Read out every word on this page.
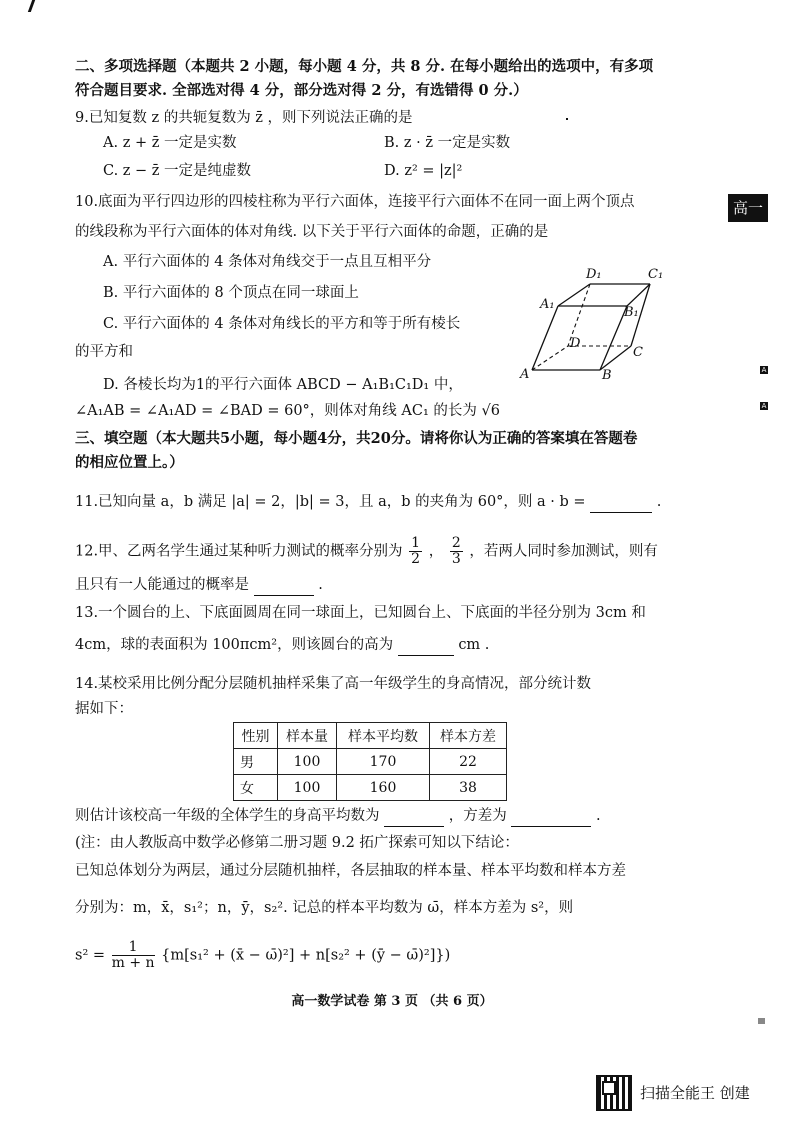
高一
A
A
二、多项选择题（本题共 2 小题，每小题 4 分，共 8 分. 在每小题给出的选项中，有多项
符合题目要求. 全部选对得 4 分，部分选对得 2 分，有选错得 0 分.）
9.已知复数 z 的共轭复数为 z̄ ，则下列说法正确的是
A. z + z̄ 一定是实数	B. z · z̄ 一定是实数
C. z − z̄ 一定是纯虚数	D. z² = |z|²
10.底面为平行四边形的四棱柱称为平行六面体，连接平行六面体不在同一面上两个顶点
的线段称为平行六面体的体对角线. 以下关于平行六面体的命题，正确的是
A. 平行六面体的 4 条体对角线交于一点且互相平分
B. 平行六面体的 8 个顶点在同一球面上
C. 平行六面体的 4 条体对角线长的平方和等于所有棱长
的平方和
D. 各棱长均为1的平行六面体 ABCD − A₁B₁C₁D₁ 中，
∠A₁AB = ∠A₁AD = ∠BAD = 60°，则体对角线 AC₁ 的长为 √6
D₁	C₁
A₁
B₁
D
C
A	B
三、填空题（本大题共5小题，每小题4分，共20分。请将你认为正确的答案填在答题卷
的相应位置上。）
11.已知向量 a，b 满足 |a| = 2，|b| = 3，且 a，b 的夹角为 60°，则 a · b =	.
12.甲、乙两名学生通过某种听力测试的概率分别为 $\frac{1}{2}$ ， $\frac{2}{3}$ ，若两人同时参加测试，则有
且只有一人能通过的概率是	.
13.一个圆台的上、下底面圆周在同一球面上，已知圆台上、下底面的半径分别为 3cm 和
4cm，球的表面积为 100πcm²，则该圆台的高为	cm .
14.某校采用比例分配分层随机抽样采集了高一年级学生的身高情况，部分统计数
据如下：
性别	样本量	样本平均数	样本方差
男	100	170	22
女	100	160	38
则估计该校高一年级的全体学生的身高平均数为	，方差为	.
(注：由人教版高中数学必修第二册习题 9.2 拓广探索可知以下结论：
已知总体划分为两层，通过分层随机抽样，各层抽取的样本量、样本平均数和样本方差
分别为：m，x̄，s₁²；n，ȳ，s₂². 记总的样本平均数为 ω̄，样本方差为 s²，则
$s^2 = \frac{1}{m + n} \{m[s_1^2$ + (x̄ − ω̄)²] + n[s₂² + (ȳ − ω̄)²]})
高一数学试卷 第 3 页 （共 6 页）
扫描全能王 创建
